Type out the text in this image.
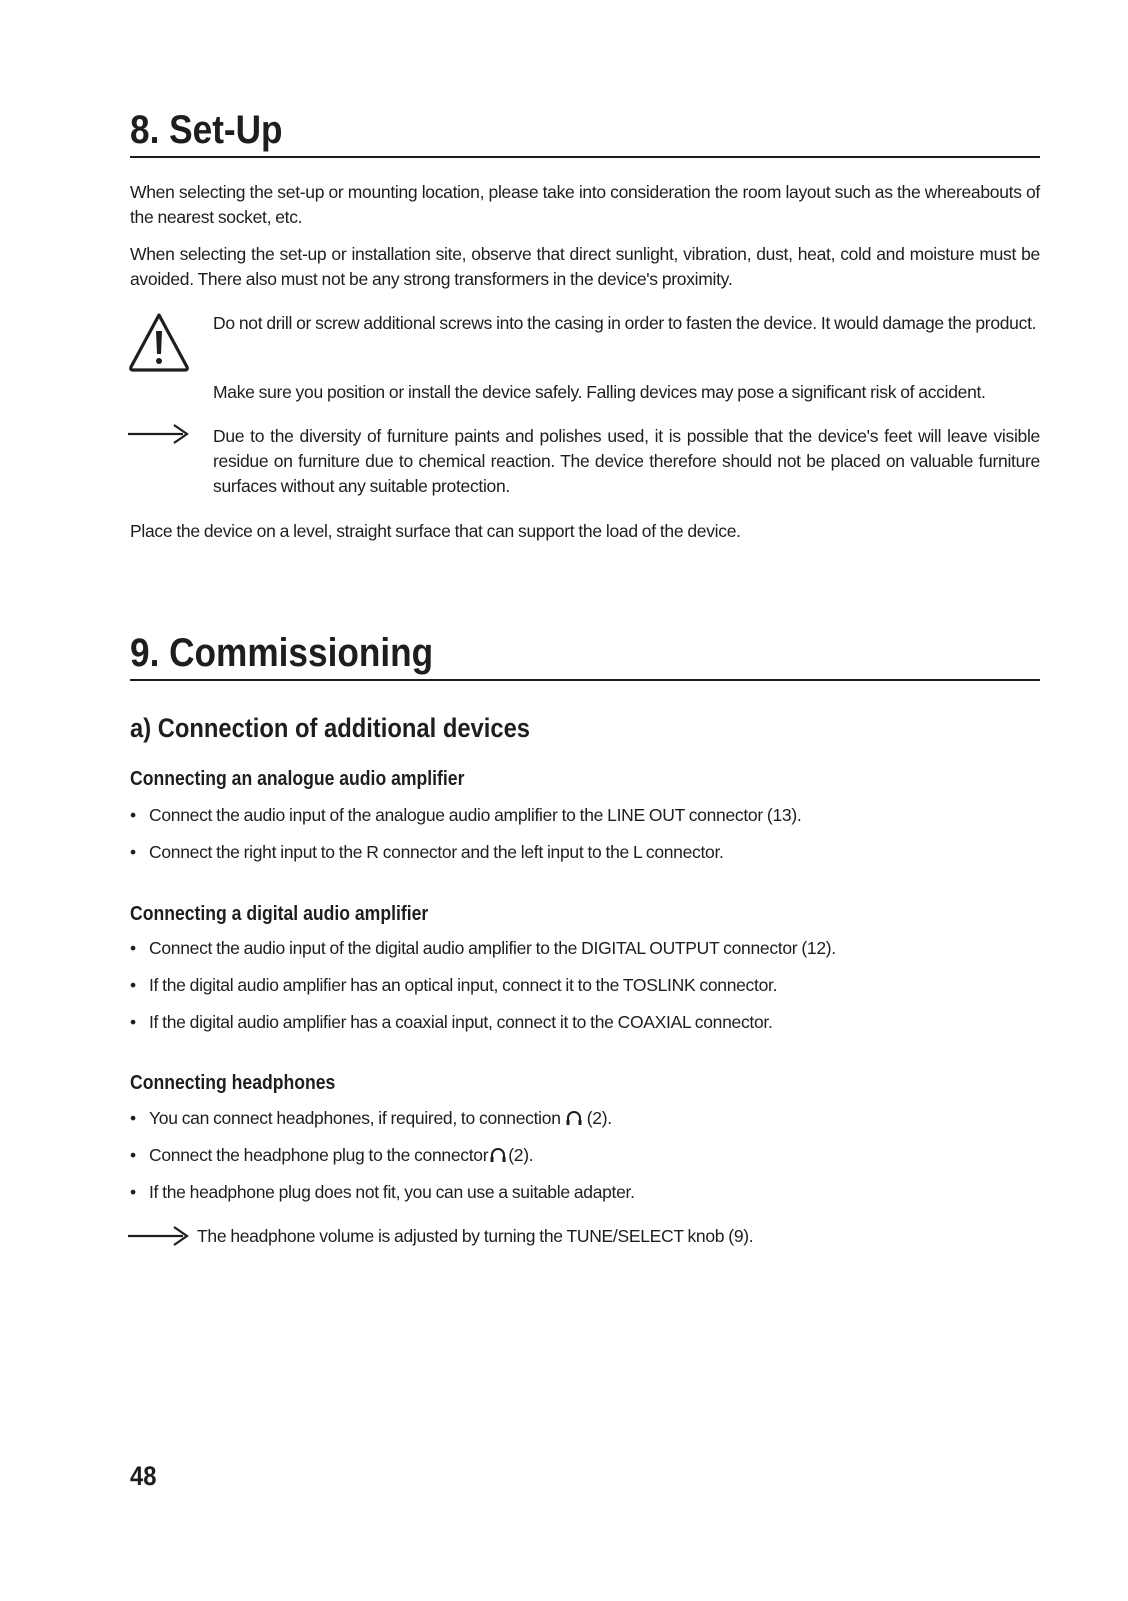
8. Set-Up

When selecting the set-up or mounting location, please take into consideration the room layout such as the whereabouts of the nearest socket, etc.

When selecting the set-up or installation site, observe that direct sunlight, vibration, dust, heat, cold and moisture must be avoided. There also must not be any strong transformers in the device's proximity.

Do not drill or screw additional screws into the casing in order to fasten the device. It would damage the product.

Make sure you position or install the device safely. Falling devices may pose a significant risk of accident.

Due to the diversity of furniture paints and polishes used, it is possible that the device's feet will leave visible residue on furniture due to chemical reaction. The device therefore should not be placed on valuable furniture surfaces without any suitable protection.

Place the device on a level, straight surface that can support the load of the device.

9. Commissioning
a) Connection of additional devices
Connecting an analogue audio amplifier
• Connect the audio input of the analogue audio amplifier to the LINE OUT connector (13).
• Connect the right input to the R connector and the left input to the L connector.
Connecting a digital audio amplifier
• Connect the audio input of the digital audio amplifier to the DIGITAL OUTPUT connector (12).
• If the digital audio amplifier has an optical input, connect it to the TOSLINK connector.
• If the digital audio amplifier has a coaxial input, connect it to the COAXIAL connector.
Connecting headphones
• You can connect headphones, if required, to connection (2).
• Connect the headphone plug to the connector (2).
• If the headphone plug does not fit, you can use a suitable adapter.
The headphone volume is adjusted by turning the TUNE/SELECT knob (9).
48
